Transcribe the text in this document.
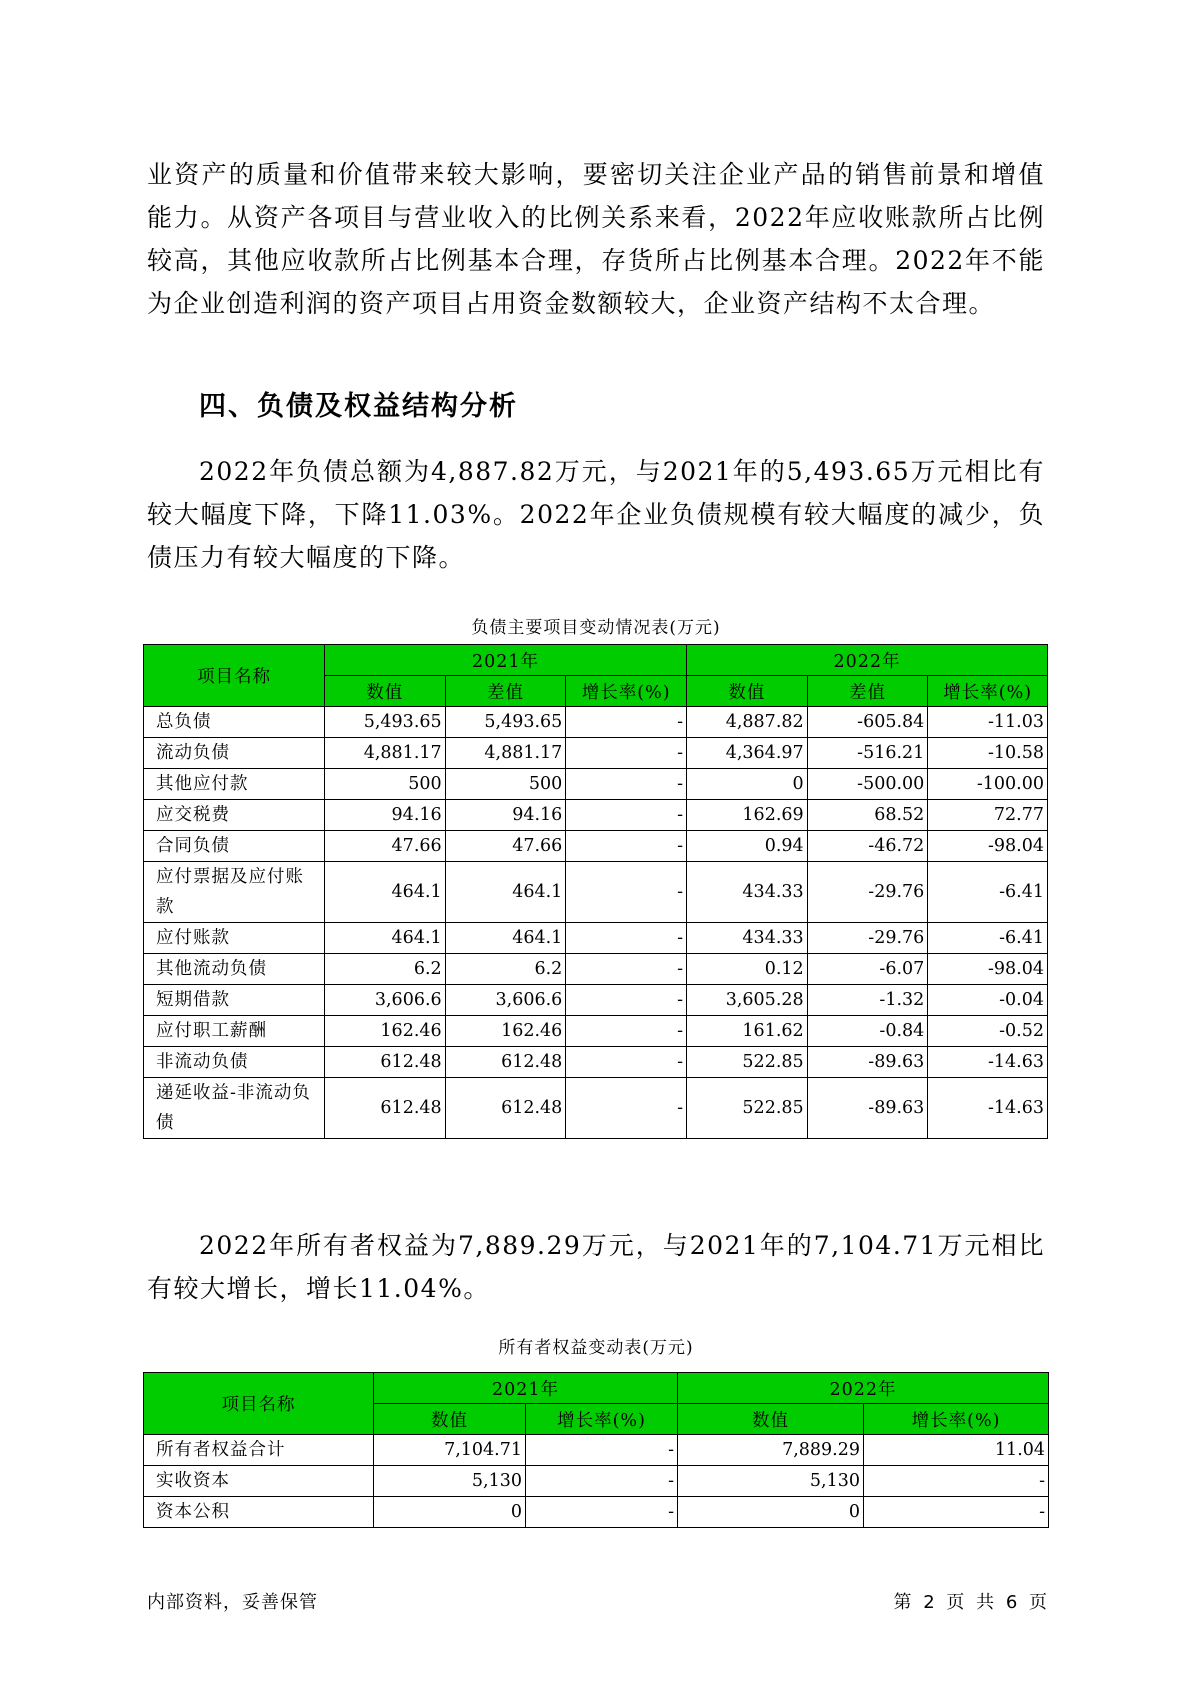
业资产的质量和价值带来较大影响，要密切关注企业产品的销售前景和增值能力。从资产各项目与营业收入的比例关系来看，2022年应收账款所占比例较高，其他应收款所占比例基本合理，存货所占比例基本合理。2022年不能为企业创造利润的资产项目占用资金数额较大，企业资产结构不太合理。

四、负债及权益结构分析

2022年负债总额为4,887.82万元，与2021年的5,493.65万元相比有较大幅度下降，下降11.03%。2022年企业负债规模有较大幅度的减少，负债压力有较大幅度的下降。

负债主要项目变动情况表(万元)
项目名称	2021年			2022年		
	数值	差值	增长率(%)	数值	差值	增长率(%)
总负债	5,493.65	5,493.65	-	4,887.82	-605.84	-11.03
流动负债	4,881.17	4,881.17	-	4,364.97	-516.21	-10.58
其他应付款	500	500	-	0	-500.00	-100.00
应交税费	94.16	94.16	-	162.69	68.52	72.77
合同负债	47.66	47.66	-	0.94	-46.72	-98.04
应付票据及应付账款	464.1	464.1	-	434.33	-29.76	-6.41
应付账款	464.1	464.1	-	434.33	-29.76	-6.41
其他流动负债	6.2	6.2	-	0.12	-6.07	-98.04
短期借款	3,606.6	3,606.6	-	3,605.28	-1.32	-0.04
应付职工薪酬	162.46	162.46	-	161.62	-0.84	-0.52
非流动负债	612.48	612.48	-	522.85	-89.63	-14.63
递延收益-非流动负债	612.48	612.48	-	522.85	-89.63	-14.63

2022年所有者权益为7,889.29万元，与2021年的7,104.71万元相比有较大增长，增长11.04%。

所有者权益变动表(万元)
项目名称	2021年		2022年	
	数值	增长率(%)	数值	增长率(%)
所有者权益合计	7,104.71	-	7,889.29	11.04
实收资本	5,130	-	5,130	-
资本公积	0	-	0	-
内部资料，妥善保管	第 2 页 共 6 页
